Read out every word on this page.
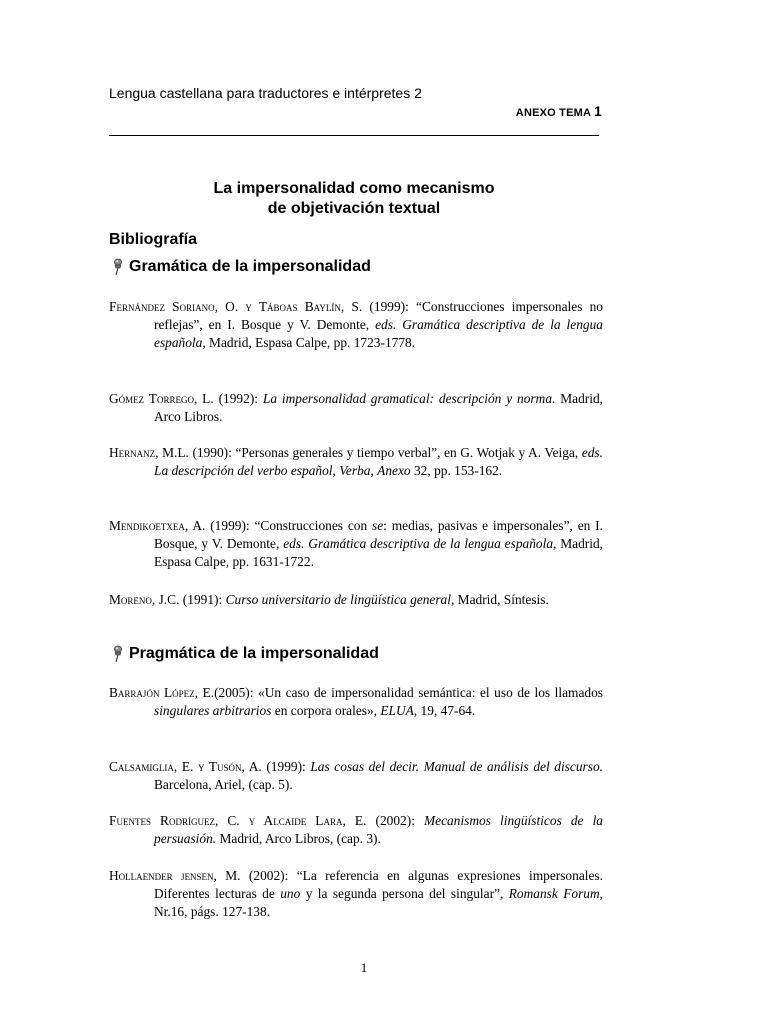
Lengua castellana para traductores e intérpretes 2
ANEXO TEMA 1
La impersonalidad como mecanismo
de objetivación textual
Bibliografía
Gramática de la impersonalidad
Fernández Soriano, O. y Táboas Baylín, S. (1999): “Construcciones impersonales no reflejas”, en I. Bosque y V. Demonte, eds. Gramática descriptiva de la lengua española, Madrid, Espasa Calpe, pp. 1723-1778.
Gómez Torrego, L. (1992): La impersonalidad gramatical: descripción y norma. Madrid, Arco Libros.
Hernanz, M.L. (1990): “Personas generales y tiempo verbal”, en G. Wotjak y A. Veiga, eds. La descripción del verbo español, Verba, Anexo 32, pp. 153-162.
Mendikoetxea, A. (1999): “Construcciones con se: medias, pasivas e impersonales”, en I. Bosque, y V. Demonte, eds. Gramática descriptiva de la lengua española, Madrid, Espasa Calpe, pp. 1631-1722.
Moreno, J.C. (1991): Curso universitario de lingüística general, Madrid, Síntesis.
Pragmática de la impersonalidad
Barrajón López, E.(2005): «Un caso de impersonalidad semántica: el uso de los llamados singulares arbitrarios en corpora orales», ELUA, 19, 47-64.
Calsamiglia, E. y Tusón, A. (1999): Las cosas del decir. Manual de análisis del discurso. Barcelona, Ariel, (cap. 5).
Fuentes Rodríguez, C. y Alcaide Lara, E. (2002): Mecanismos lingüísticos de la persuasión. Madrid, Arco Libros, (cap. 3).
Hollaender jensen, M. (2002): “La referencia en algunas expresiones impersonales. Diferentes lecturas de uno y la segunda persona del singular”, Romansk Forum, Nr.16, págs. 127-138.
1
